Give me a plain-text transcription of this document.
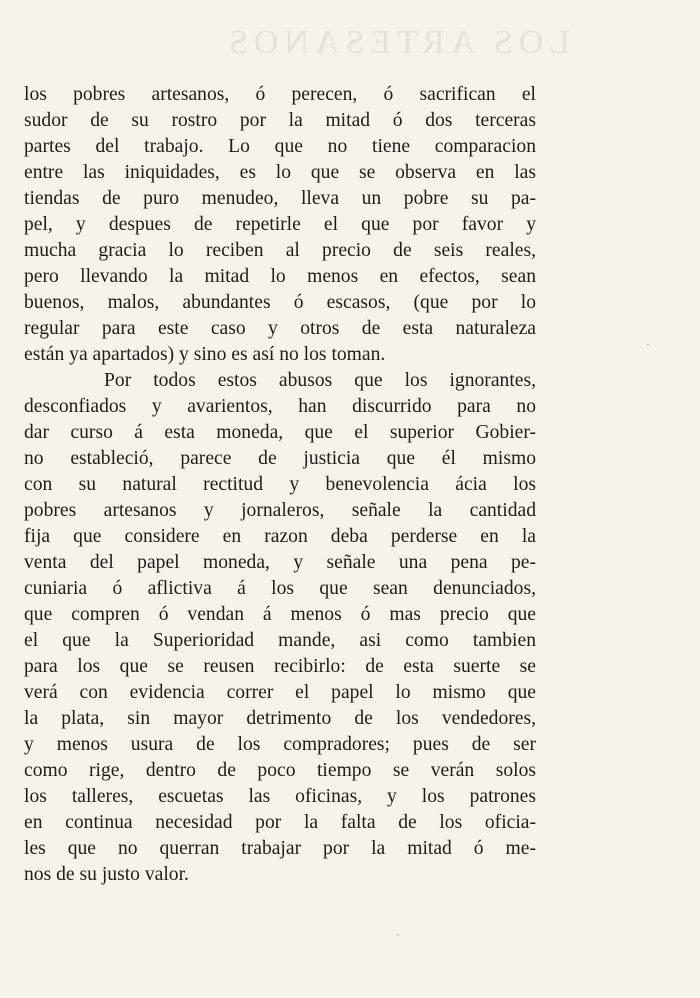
LOS ARTESANOS
los pobres artesanos, ó perecen, ó sacrifican el
sudor de su rostro por la mitad ó dos terceras
partes del trabajo. Lo que no tiene comparacion
entre las iniquidades, es lo que se observa en las
tiendas de puro menudeo, lleva un pobre su pa-
pel, y despues de repetirle el que por favor y
mucha gracia lo reciben al precio de seis reales,
pero llevando la mitad lo menos en efectos, sean
buenos, malos, abundantes ó escasos, (que por lo
regular para este caso y otros de esta naturaleza
están ya apartados) y sino es así no los toman.
Por todos estos abusos que los ignorantes,
desconfiados y avarientos, han discurrido para no
dar curso á esta moneda, que el superior Gobier-
no estableció, parece de justicia que él mismo
con su natural rectitud y benevolencia ácia los
pobres artesanos y jornaleros, señale la cantidad
fija que considere en razon deba perderse en la
venta del papel moneda, y señale una pena pe-
cuniaria ó aflictiva á los que sean denunciados,
que compren ó vendan á menos ó mas precio que
el que la Superioridad mande, asi como tambien
para los que se reusen recibirlo: de esta suerte se
verá con evidencia correr el papel lo mismo que
la plata, sin mayor detrimento de los vendedores,
y menos usura de los compradores; pues de ser
como rige, dentro de poco tiempo se verán solos
los talleres, escuetas las oficinas, y los patrones
en continua necesidad por la falta de los oficia-
les que no querran trabajar por la mitad ó me-
nos de su justo valor.
·
·
